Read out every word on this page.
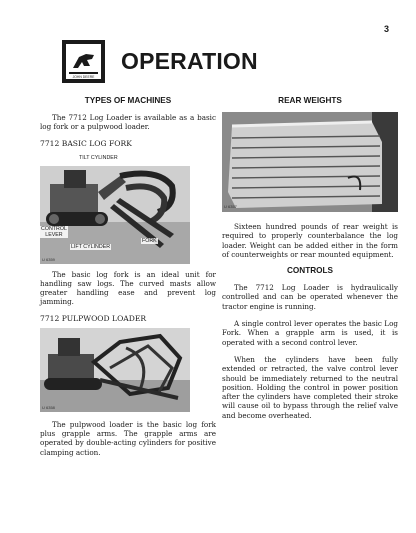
3
JOHN DEERE
OPERATION
TYPES OF MACHINES

The 7712 Log Loader is available as a basic log fork or a pulpwood loader.

7712 BASIC LOG FORK
TILT CYLINDER
CONTROL
LEVER
LIFT CYLINDER
FORK
U 6359

The basic log fork is an ideal unit for handling saw logs. The curved masts allow greater handling ease and prevent log jamming.

7712 PULPWOOD LOADER
U 6358

The pulpwood loader is the basic log fork plus grapple arms. The grapple arms are operated by double-acting cylinders for positive clamping action.

REAR WEIGHTS
U 6357

Sixteen hundred pounds of rear weight is required to properly counterbalance the log loader. Weight can be added either in the form of counterweights or rear mounted equipment.

CONTROLS

The 7712 Log Loader is hydraulically controlled and can be operated whenever the tractor engine is running.

A single control lever operates the basic Log Fork. When a grapple arm is used, it is operated with a second control lever.

When the cylinders have been fully extended or retracted, the valve control lever should be immediately returned to the neutral position. Holding the control in power position after the cylinders have completed their stroke will cause oil to bypass through the relief valve and become overheated.
